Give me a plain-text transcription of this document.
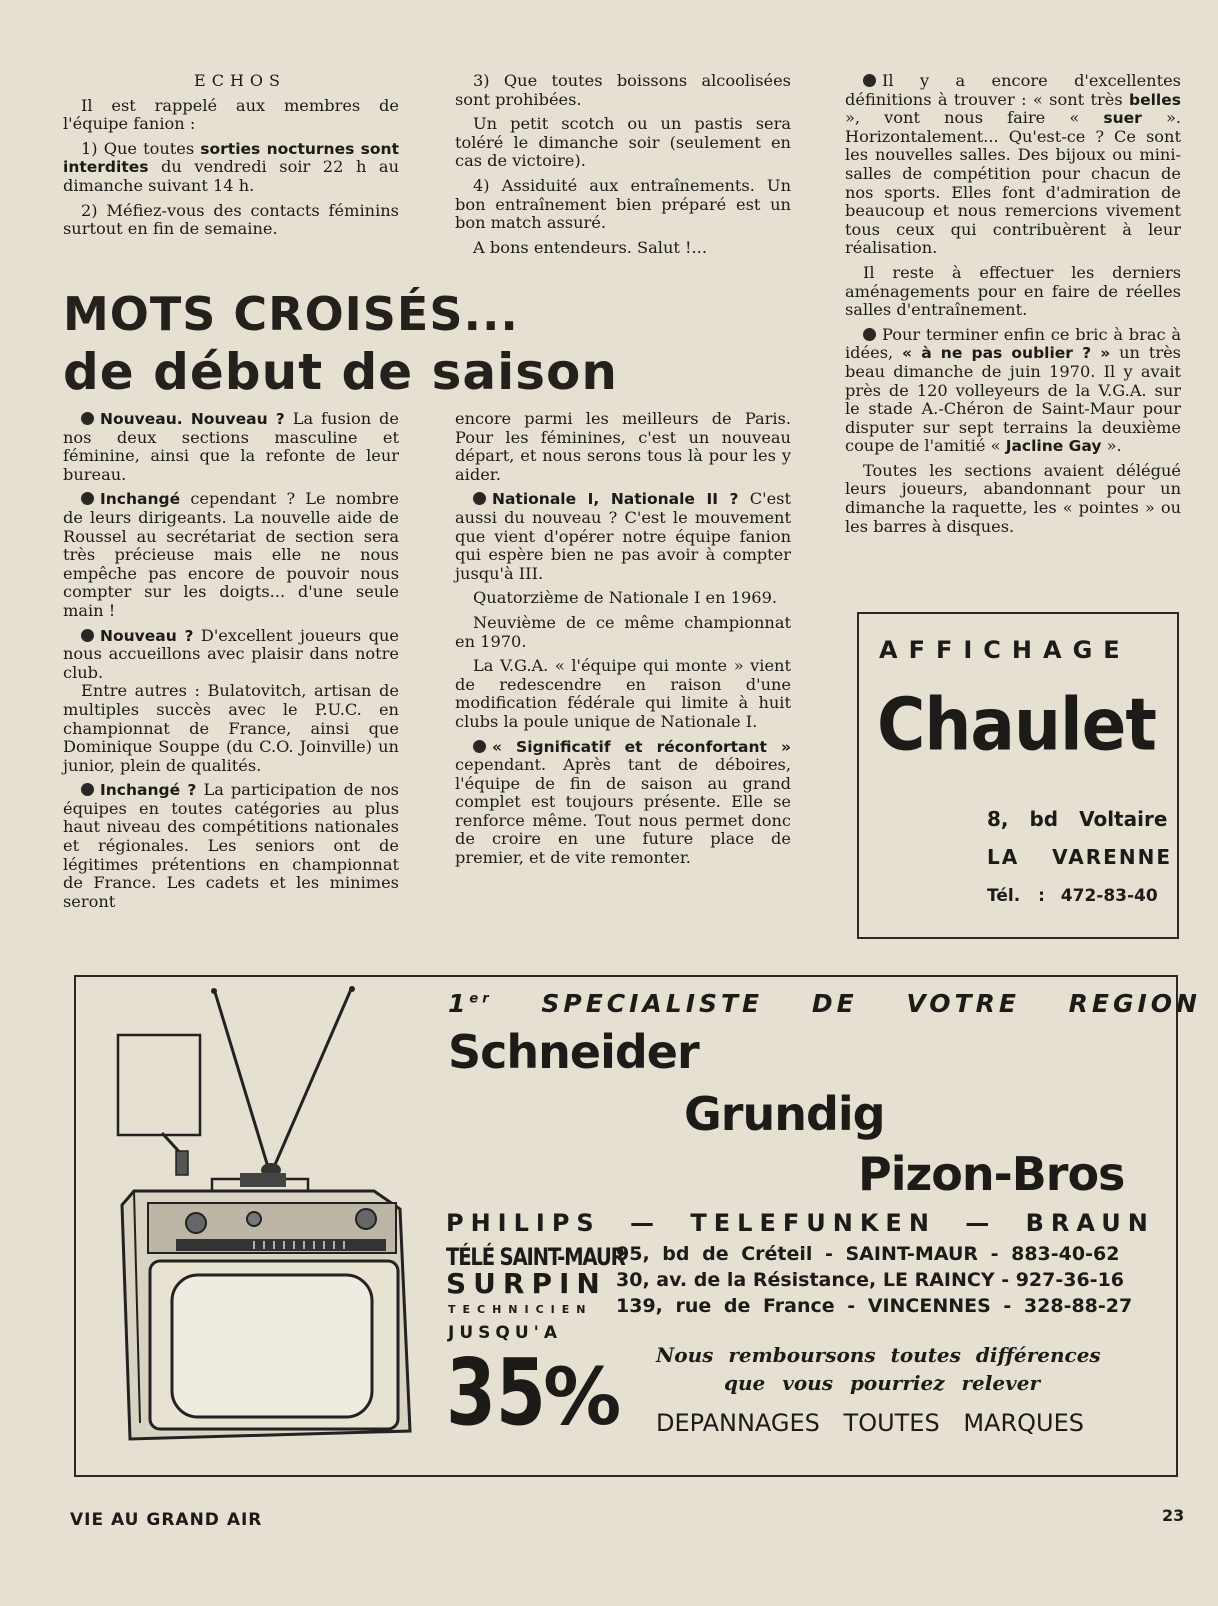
ECHOS

Il est rappelé aux membres de l'équipe fanion :

1) Que toutes sorties nocturnes sont interdites du vendredi soir 22 h au dimanche suivant 14 h.

2) Méfiez-vous des contacts féminins surtout en fin de semaine.

3) Que toutes boissons alcoolisées sont prohibées.

Un petit scotch ou un pastis sera toléré le dimanche soir (seulement en cas de victoire).

4) Assiduité aux entraînements. Un bon entraînement bien préparé est un bon match assuré.

A bons entendeurs. Salut !...

MOTS CROISÉS...
de début de saison

Nouveau. Nouveau ? La fusion de nos deux sections masculine et féminine, ainsi que la refonte de leur bureau.

Inchangé cependant ? Le nombre de leurs dirigeants. La nouvelle aide de Roussel au secrétariat de section sera très précieuse mais elle ne nous empêche pas encore de pouvoir nous compter sur les doigts... d'une seule main !

Nouveau ? D'excellent joueurs que nous accueillons avec plaisir dans notre club.

Entre autres : Bulatovitch, artisan de multiples succès avec le P.U.C. en championnat de France, ainsi que Dominique Souppe (du C.O. Joinville) un junior, plein de qualités.

Inchangé ? La participation de nos équipes en toutes catégories au plus haut niveau des compétitions nationales et régionales. Les seniors ont de légitimes prétentions en championnat de France. Les cadets et les minimes seront

encore parmi les meilleurs de Paris. Pour les féminines, c'est un nouveau départ, et nous serons tous là pour les y aider.

Nationale I, Nationale II ? C'est aussi du nouveau ? C'est le mouvement que vient d'opérer notre équipe fanion qui espère bien ne pas avoir à compter jusqu'à III.

Quatorzième de Nationale I en 1969.

Neuvième de ce même championnat en 1970.

La V.G.A. « l'équipe qui monte » vient de redescendre en raison d'une modification fédérale qui limite à huit clubs la poule unique de Nationale I.

« Significatif et réconfortant » cependant. Après tant de déboires, l'équipe de fin de saison au grand complet est toujours présente. Elle se renforce même. Tout nous permet donc de croire en une future place de premier, et de vite remonter.

Il y a encore d'excellentes définitions à trouver : « sont très belles », vont nous faire « suer ». Horizontalement... Qu'est-ce ? Ce sont les nouvelles salles. Des bijoux ou mini-salles de compétition pour chacun de nos sports. Elles font d'admiration de beaucoup et nous remercions vivement tous ceux qui contribuèrent à leur réalisation.

Il reste à effectuer les derniers aménagements pour en faire de réelles salles d'entraînement.

Pour terminer enfin ce bric à brac à idées, « à ne pas oublier ? » un très beau dimanche de juin 1970. Il y avait près de 120 volleyeurs de la V.G.A. sur le stade A.-Chéron de Saint-Maur pour disputer sur sept terrains la deuxième coupe de l'amitié « Jacline Gay ».

Toutes les sections avaient délégué leurs joueurs, abandonnant pour un dimanche la raquette, les « pointes » ou les barres à disques.

AFFICHAGE
Chaulet
8, bd Voltaire
LA VARENNE
Tél. : 472-83-40
1er SPECIALISTE DE VOTRE REGION
Schneider
Grundig
Pizon-Bros
PHILIPS — TELEFUNKEN — BRAUN
TÉLÉ SAINT-MAUR
SURPIN
TECHNICIEN
95, bd de Créteil - SAINT-MAUR - 883-40-62
30, av. de la Résistance, LE RAINCY - 927-36-16
139, rue de France - VINCENNES - 328-88-27
JUSQU'A
35 % Nous remboursons toutes différences
que vous pourriez relever
DEPANNAGES TOUTES MARQUES
VIE AU GRAND AIR	23
